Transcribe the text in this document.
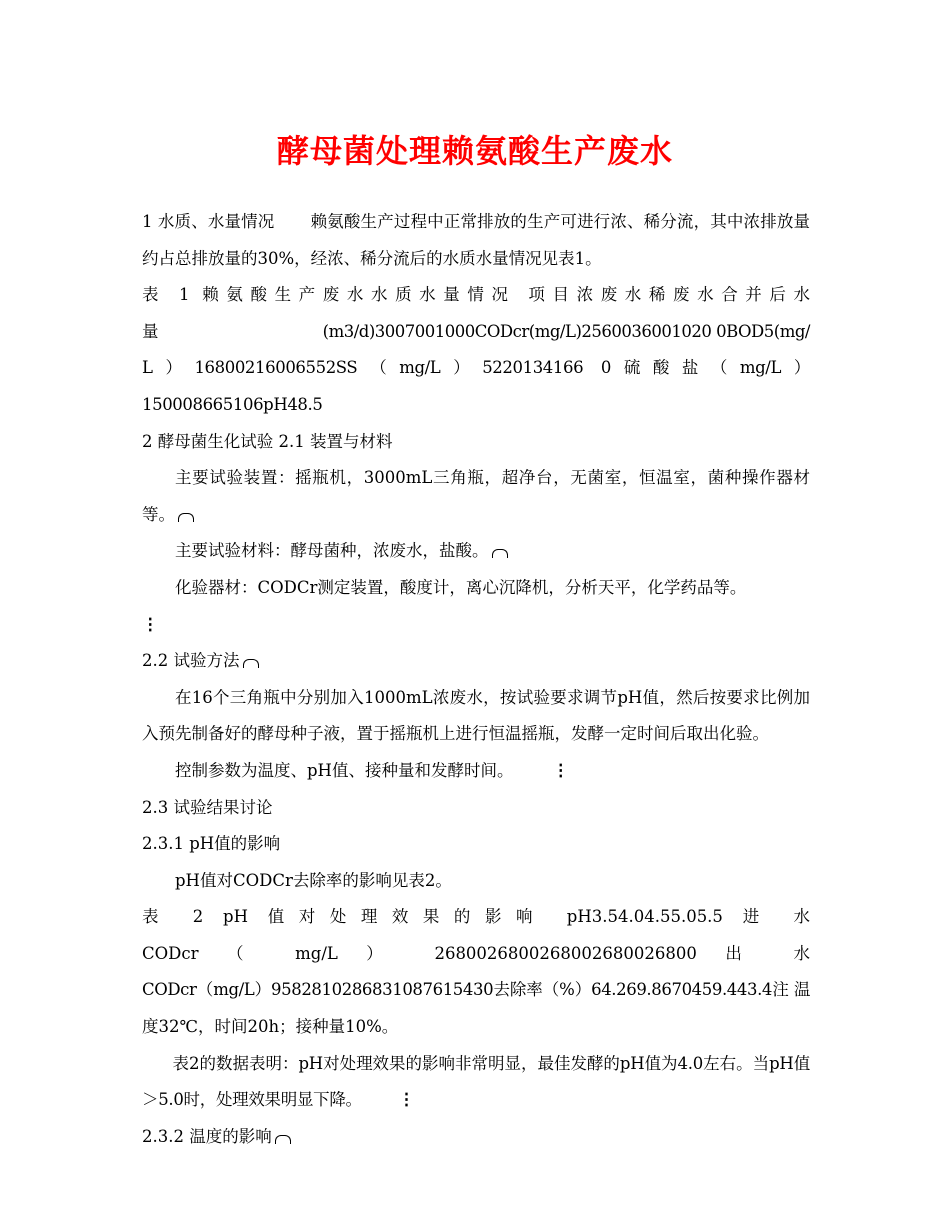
酵母菌处理赖氨酸生产废水

1 水质、水量情况 赖氨酸生产过程中正常排放的生产可进行浓、稀分流，其中浓排放量约占总排放量的30%，经浓、稀分流后的水质水量情况见表1。

表 1 赖氨酸生产废水水质水量情况 项目浓废水稀废水合并后水

量	(m3/d)3007001000CODcr(mg/L)2560036001020 0BOD5(mg/

L）16800216006552SS（mg/L）5220134166 0硫酸盐（mg/L）150008665106pH48.5

2 酵母菌生化试验 2.1 装置与材料

主要试验装置：摇瓶机，3000mL三角瓶，超净台，无菌室，恒温室，菌种操作器材等。

主要试验材料：酵母菌种，浓废水，盐酸。

化验器材：CODCr测定装置，酸度计，离心沉降机，分析天平，化学药品等。

⋮

2.2 试验方法

在16个三角瓶中分别加入1000mL浓废水，按试验要求调节pH值，然后按要求比例加入预先制备好的酵母种子液，置于摇瓶机上进行恒温摇瓶，发酵一定时间后取出化验。

控制参数为温度、pH值、接种量和发酵时间。 ⋮

2.3 试验结果讨论

2.3.1 pH值的影响

pH值对CODCr去除率的影响见表2。

表 2 pH 值对处理效果的影响 pH3.54.04.55.05.5 进 水

CODcr （ mg/L ） 2680026800268002680026800 出 水

CODcr（mg/L）9582810286831087615430去除率（%）64.269.8670459.443.4注 温

度32℃，时间20h；接种量10%。

表2的数据表明：pH对处理效果的影响非常明显，最佳发酵的pH值为4.0左右。当pH值＞5.0时，处理效果明显下降。 ⋮

2.3.2 温度的影响
